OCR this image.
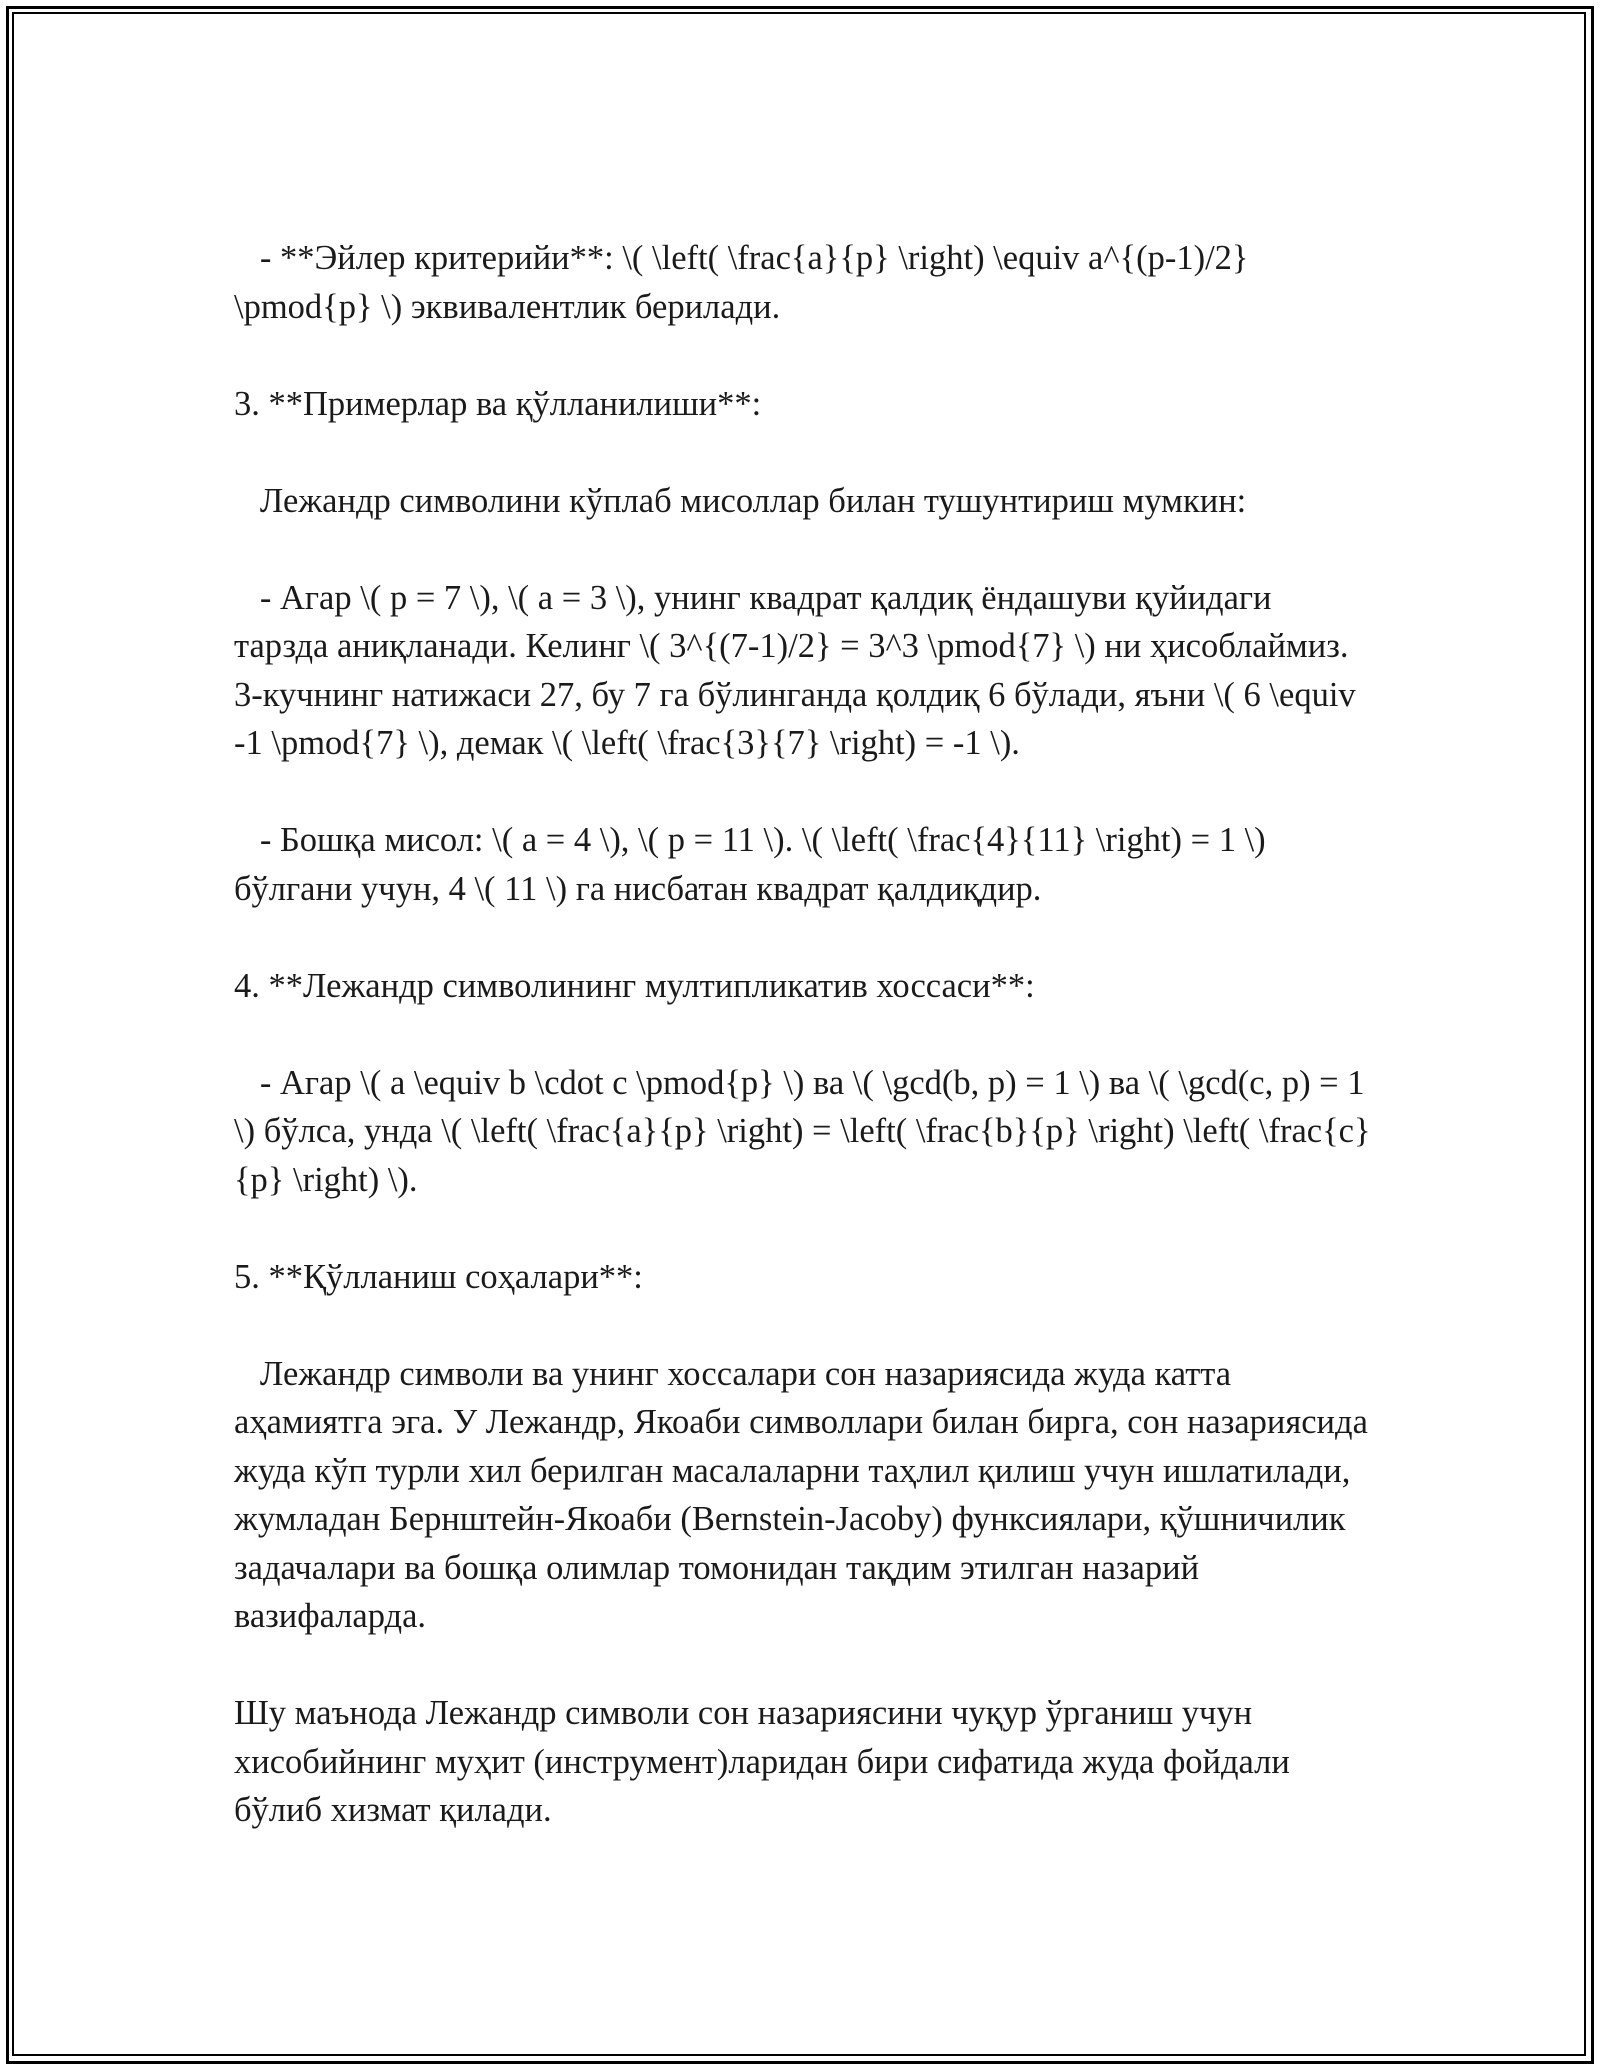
- **Эйлер критерийи**: \( \left( \frac{a}{p} \right) \equiv a^{(p-1)/2} \pmod{p} \) эквивалентлик берилади.

3. **Примерлар ва қўлланилиши**:

Лежандр символини кўплаб мисоллар билан тушунтириш мумкин:

- Агар \( p = 7 \), \( a = 3 \), унинг квадрат қалдиқ ёндашуви қуйидаги тарзда аниқланади. Келинг \( 3^{(7-1)/2} = 3^3 \pmod{7} \) ни ҳисоблаймиз. 3-кучнинг натижаси 27, бу 7 га бўлинганда қолдиқ 6 бўлади, яъни \( 6 \equiv -1 \pmod{7} \), демак \( \left( \frac{3}{7} \right) = -1 \).

- Бошқа мисол: \( a = 4 \), \( p = 11 \). \( \left( \frac{4}{11} \right) = 1 \) бўлгани учун, 4 \( 11 \) га нисбатан квадрат қалдиқдир.

4. **Лежандр символининг мултипликатив хоссаси**:

- Агар \( a \equiv b \cdot c \pmod{p} \) ва \( \gcd(b, p) = 1 \) ва \( \gcd(c, p) = 1 \) бўлса, унда \( \left( \frac{a}{p} \right) = \left( \frac{b}{p} \right) \left( \frac{c}{p} \right) \).

5. **Қўлланиш соҳалари**:

Лежандр символи ва унинг хоссалари сон назариясида жуда катта аҳамиятга эга. У Лежандр, Якоаби символлари билан бирга, сон назариясида жуда кўп турли хил берилган масалаларни таҳлил қилиш учун ишлатилади, жумладан Бернштейн-Якоаби (Bernstein-Jacoby) функсиялари, қўшничилик задачалари ва бошқа олимлар томонидан тақдим этилган назарий вазифаларда.

Шу маънода Лежандр символи сон назариясини чуқур ўрганиш учун хисобийнинг муҳит (инструмент)ларидан бири сифатида жуда фойдали бўлиб хизмат қилади.
